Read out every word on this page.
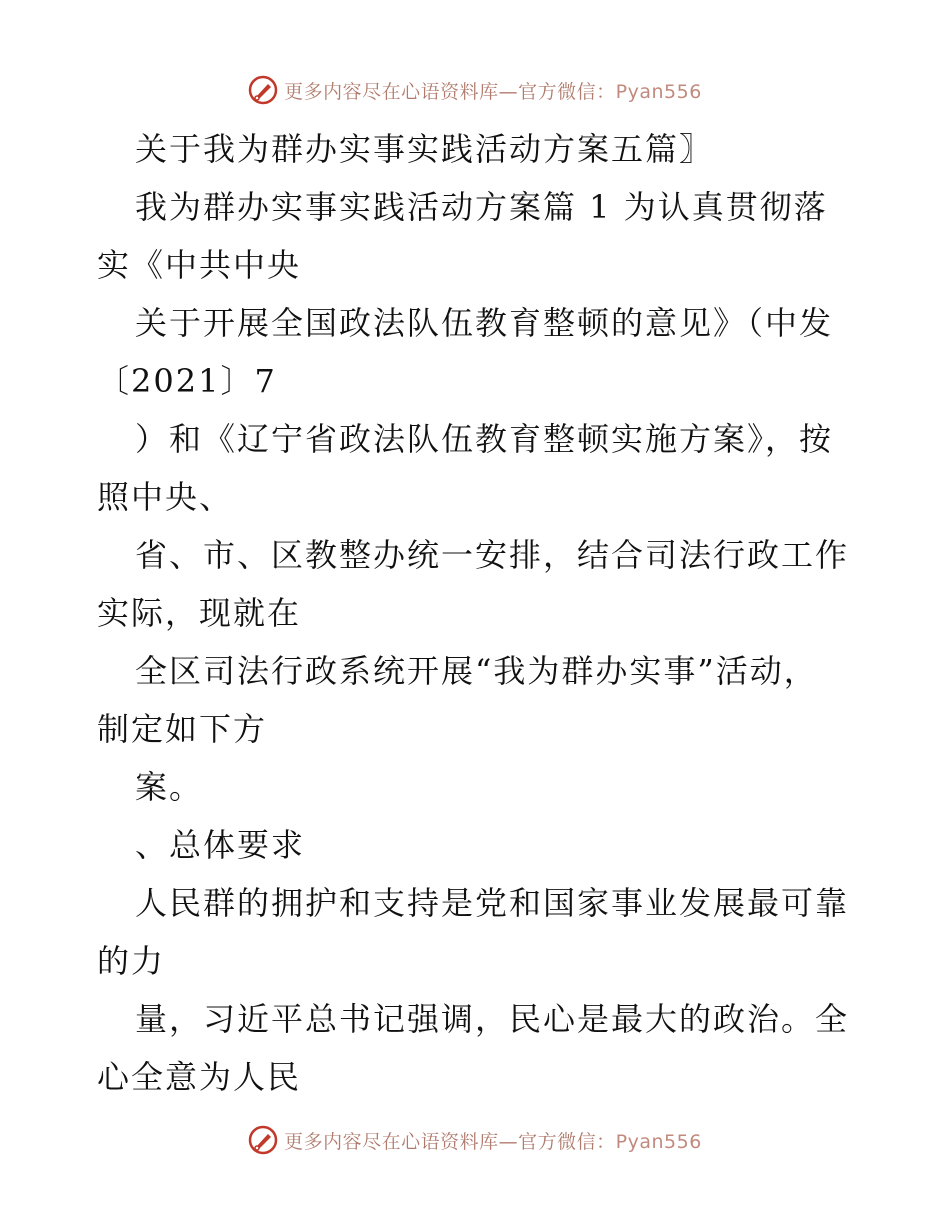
更多内容尽在心语资料库—官方微信：Pyan556
关于我为群办实事实践活动方案五篇〗
我为群办实事实践活动方案篇 1 为认真贯彻落
实《中共中央
关于开展全国政法队伍教育整顿的意见》（中发
〔2021〕7
）和《辽宁省政法队伍教育整顿实施方案》，按
照中央、
省、市、区教整办统一安排，结合司法行政工作
实际，现就在
全区司法行政系统开展“我为群办实事”活动，
制定如下方
案。
、总体要求
人民群的拥护和支持是党和国家事业发展最可靠
的力
量，习近平总书记强调，民心是最大的政治。全
心全意为人民
更多内容尽在心语资料库—官方微信：Pyan556
